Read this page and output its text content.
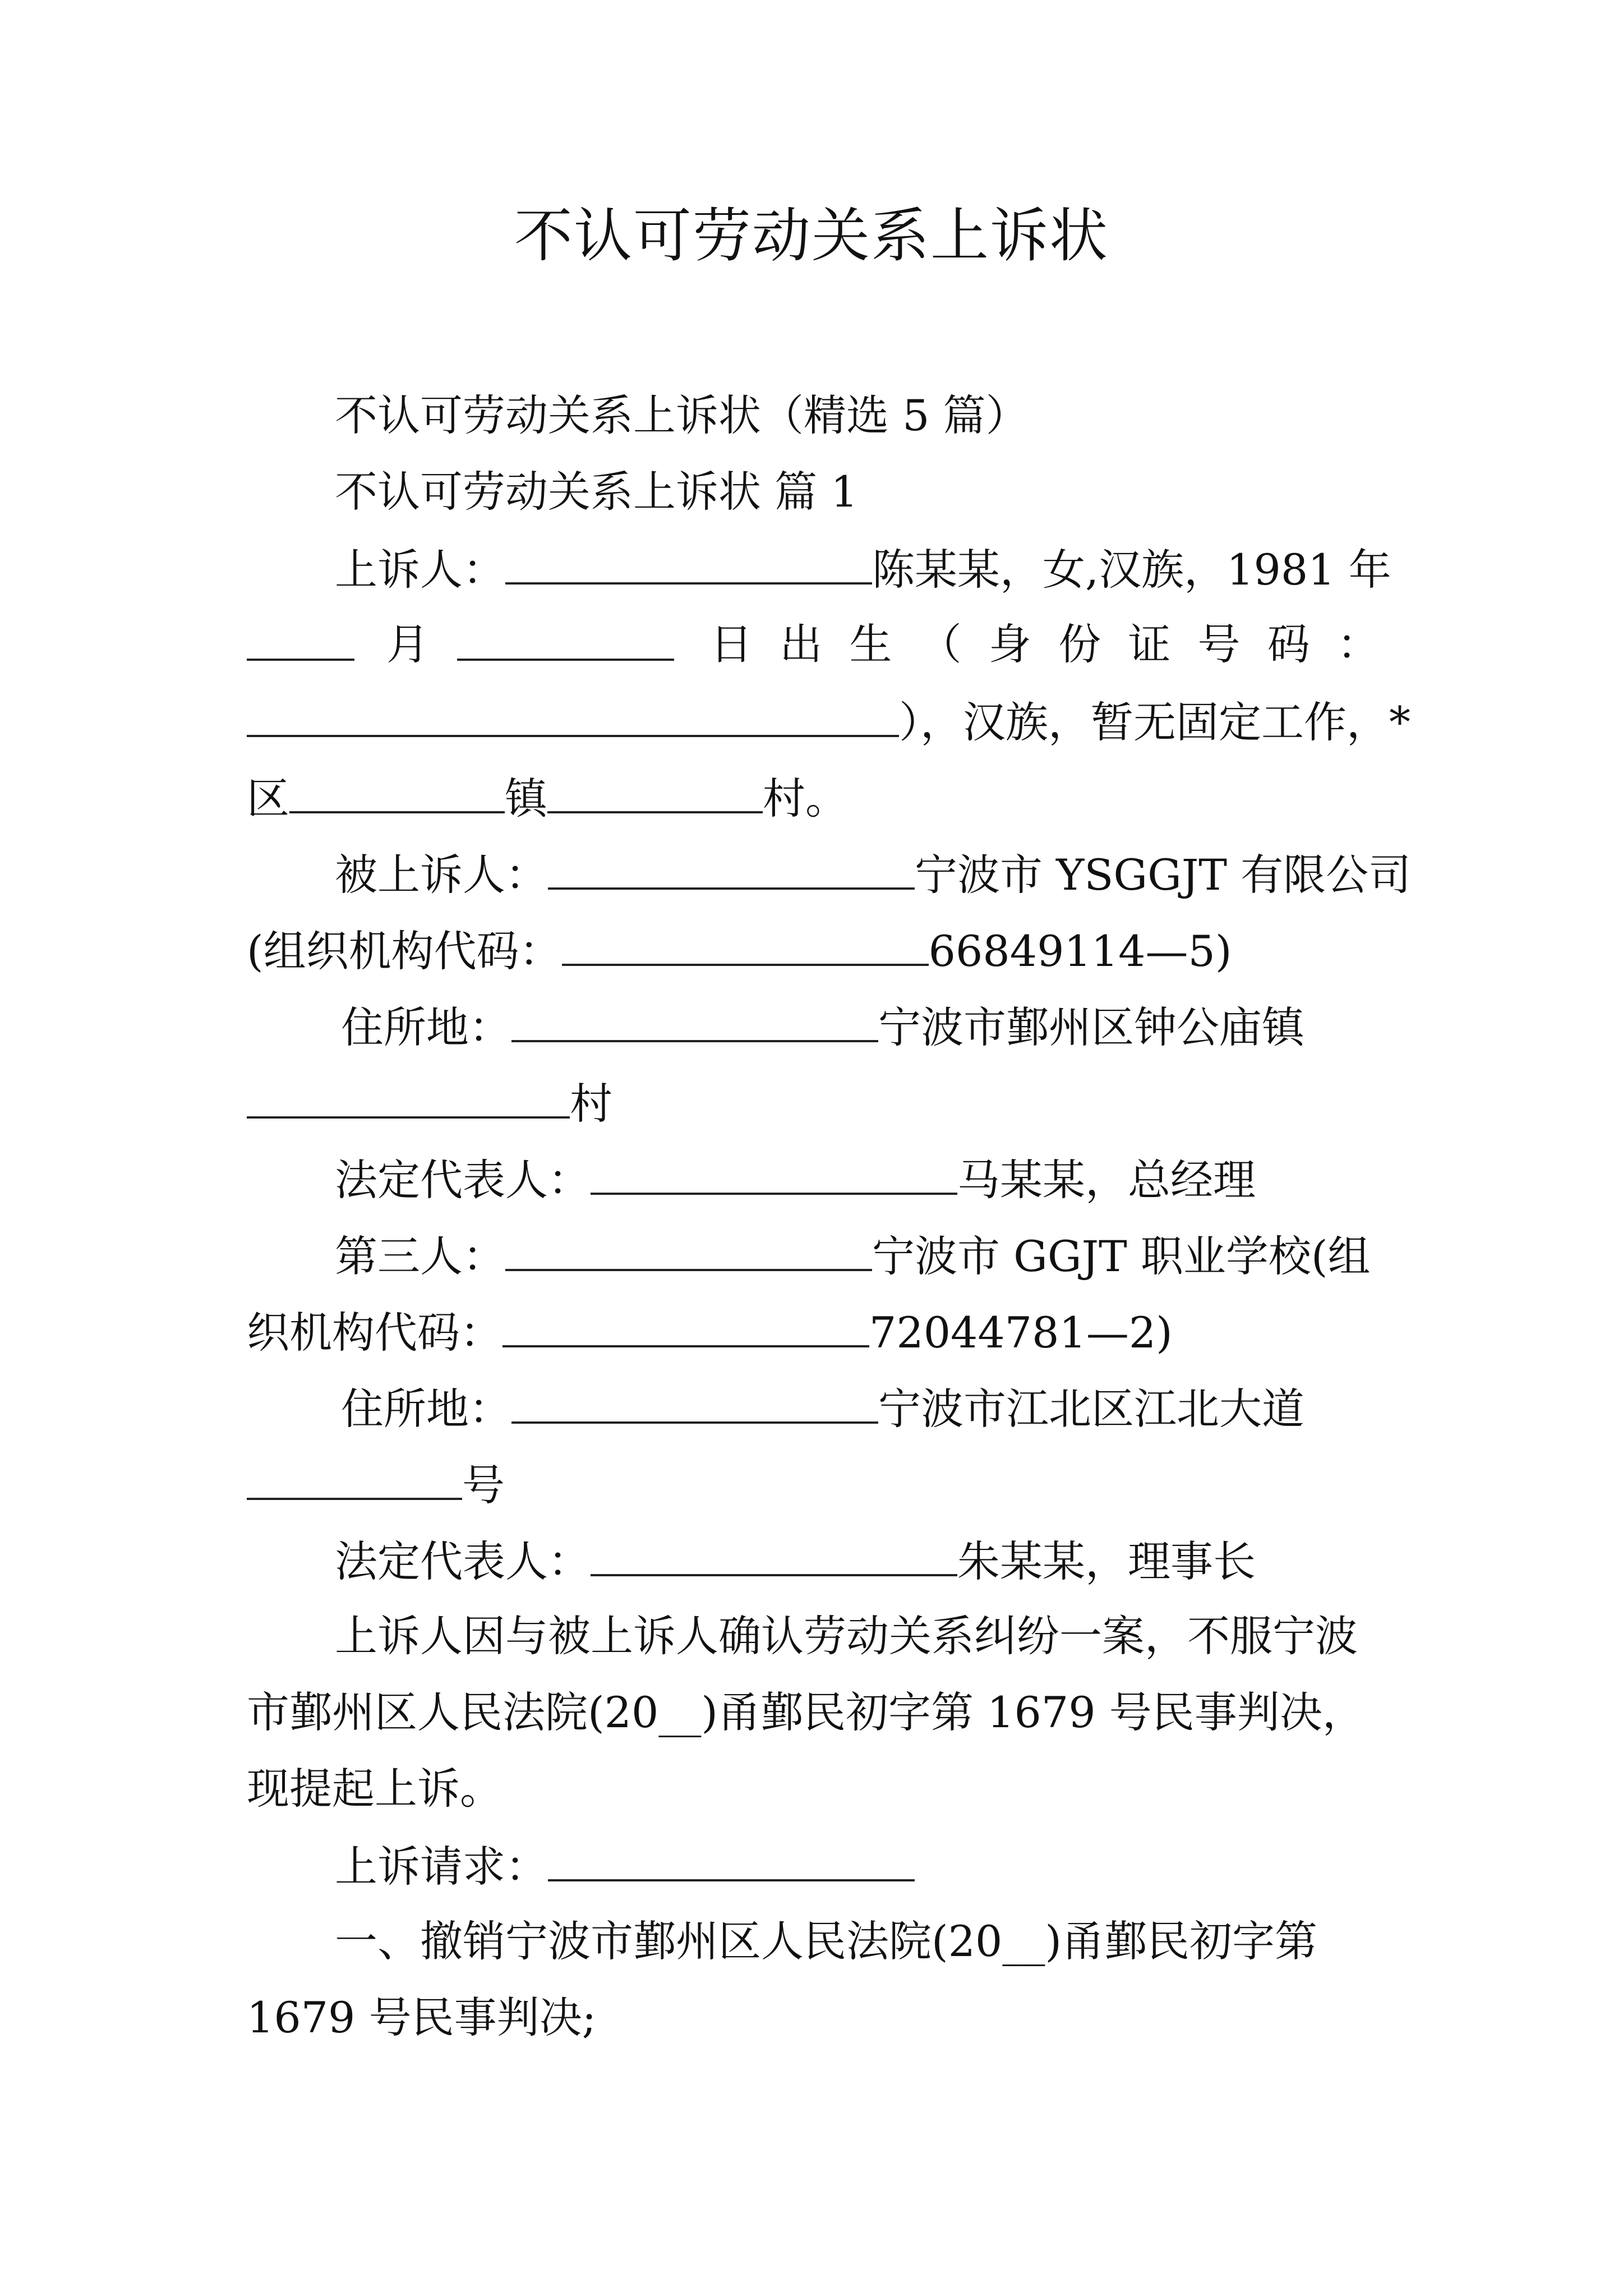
不认可劳动关系上诉状
不认可劳动关系上诉状（精选 5 篇）
不认可劳动关系上诉状 篇 1
上诉人：	陈某某，女,汉族，1981 年
月	日 出 生 （ 身 份 证 号 码 ：
），汉族，暂无固定工作，*
区	镇	村。
被上诉人：	宁波市 YSGGJT 有限公司
(组织机构代码：	66849114—5)
住所地：	宁波市鄞州区钟公庙镇
村
法定代表人：	马某某，总经理
第三人：	宁波市 GGJT 职业学校(组
织机构代码：	72044781—2)
住所地：	宁波市江北区江北大道
号
法定代表人：	朱某某，理事长
上诉人因与被上诉人确认劳动关系纠纷一案，不服宁波
市鄞州区人民法院(20__)甬鄞民初字第 1679 号民事判决，
现提起上诉。
上诉请求：
一、撤销宁波市鄞州区人民法院(20__)甬鄞民初字第
1679 号民事判决;
